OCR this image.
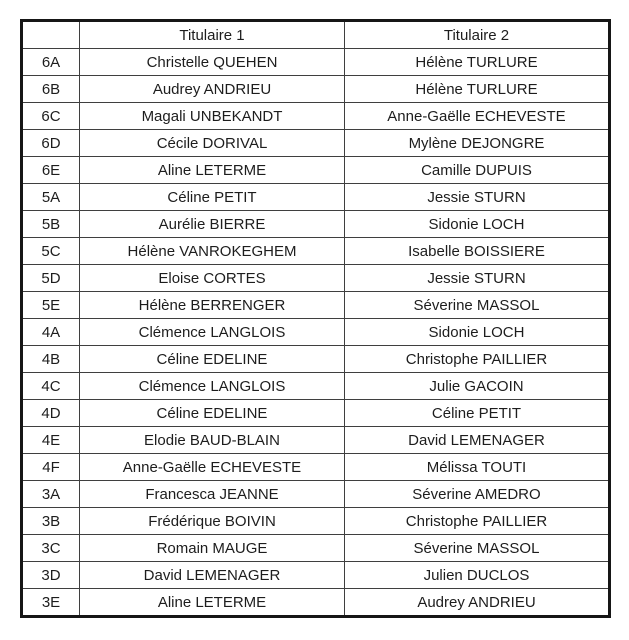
	Titulaire 1	Titulaire 2
6A	Christelle QUEHEN	Hélène TURLURE
6B	Audrey ANDRIEU	Hélène TURLURE
6C	Magali UNBEKANDT	Anne-Gaëlle ECHEVESTE
6D	Cécile DORIVAL	Mylène DEJONGRE
6E	Aline LETERME	Camille DUPUIS
5A	Céline PETIT	Jessie STURN
5B	Aurélie BIERRE	Sidonie LOCH
5C	Hélène VANROKEGHEM	Isabelle BOISSIERE
5D	Eloise CORTES	Jessie STURN
5E	Hélène BERRENGER	Séverine MASSOL
4A	Clémence LANGLOIS	Sidonie LOCH
4B	Céline EDELINE	Christophe PAILLIER
4C	Clémence LANGLOIS	Julie GACOIN
4D	Céline EDELINE	Céline PETIT
4E	Elodie BAUD-BLAIN	David LEMENAGER
4F	Anne-Gaëlle ECHEVESTE	Mélissa TOUTI
3A	Francesca JEANNE	Séverine AMEDRO
3B	Frédérique BOIVIN	Christophe PAILLIER
3C	Romain MAUGE	Séverine MASSOL
3D	David LEMENAGER	Julien DUCLOS
3E	Aline LETERME	Audrey ANDRIEU
